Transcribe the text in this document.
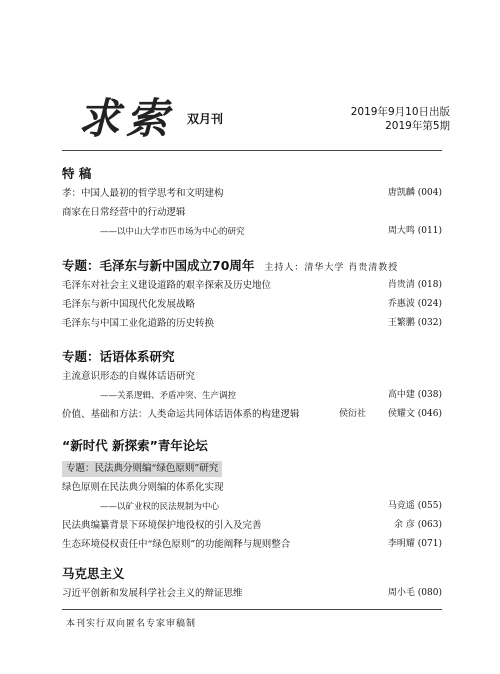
求索 双月刊	2019年9月10日出版
2019年第5期
特 稿
孝：中国人最初的哲学思考和文明建构	唐凯麟 (004)
商家在日常经营中的行动逻辑
——以中山大学市匹市场为中心的研究	周大鸣 (011)
专题：毛泽东与新中国成立70周年 主持人：清华大学 肖贵清教授
毛泽东对社会主义建设道路的艰辛探索及历史地位	肖贵清 (018)
毛泽东与新中国现代化发展战略	乔惠波 (024)
毛泽东与中国工业化道路的历史转换	王繁鹏 (032)
专题：话语体系研究
主流意识形态的自媒体话语研究
——关系逻辑、矛盾冲突、生产调控	高中建 (038)
价值、基础和方法：人类命运共同体话语体系的构建逻辑	侯衍社 侯耀文 (046)
“新时代 新探索”青年论坛
专题：民法典分则编“绿色原则”研究
绿色原则在民法典分则编的体系化实现
——以矿业权的民法规制为中心	马竞遥 (055)
民法典编纂背景下环境保护地役权的引入及完善	余 彦 (063)
生态环境侵权责任中“绿色原则”的功能阐释与规则整合	李明耀 (071)
马克思主义
习近平创新和发展科学社会主义的辩证思维	周小毛 (080)
本刊实行双向匿名专家审稿制
